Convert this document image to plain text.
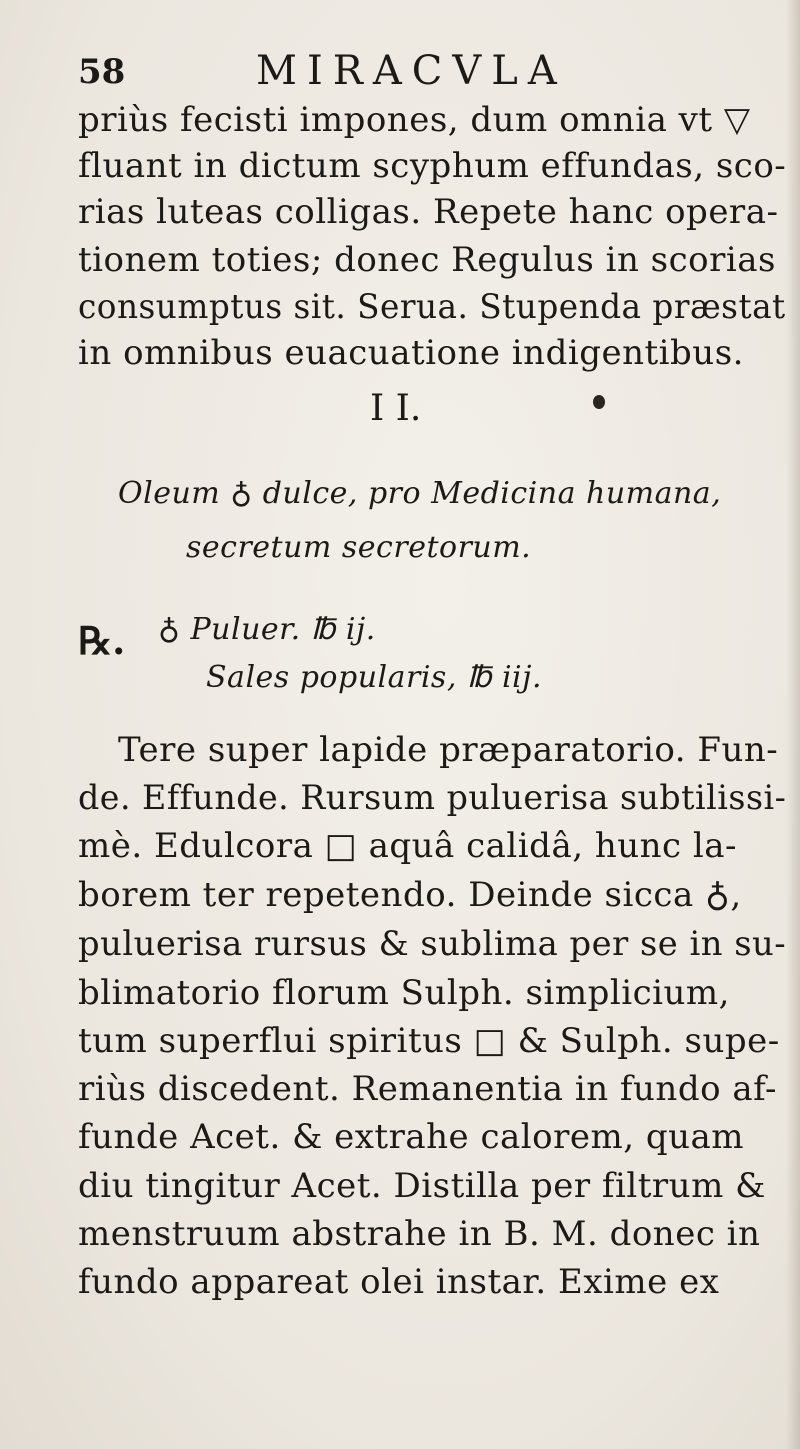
58	MIRACVLA
priùs fecisti impones, dum omnia vt ▽
fluant in dictum scyphum effundas, sco-
rias luteas colligas. Repete hanc opera-
tionem toties; donec Regulus in scorias
consumptus sit. Serua. Stupenda præstat
in omnibus euacuatione indigentibus.
I I.
Oleum ♁ dulce, pro Medicina humana,
secretum secretorum.
℞. ♁ Puluer. ℔ ij.
Sales popularis, ℔ iij.
Tere super lapide præparatorio. Fun-
de. Effunde. Rursum puluerisa subtilissi-
mè. Edulcora □ aquâ calidâ, hunc la-
borem ter repetendo. Deinde sicca ♁,
puluerisa rursus & sublima per se in su-
blimatorio florum Sulph. simplicium,
tum superflui spiritus □ & Sulph. supe-
riùs discedent. Remanentia in fundo af-
funde Acet. & extrahe calorem, quam
diu tingitur Acet. Distilla per filtrum &
menstruum abstrahe in B. M. donec in
fundo appareat olei instar. Exime ex
